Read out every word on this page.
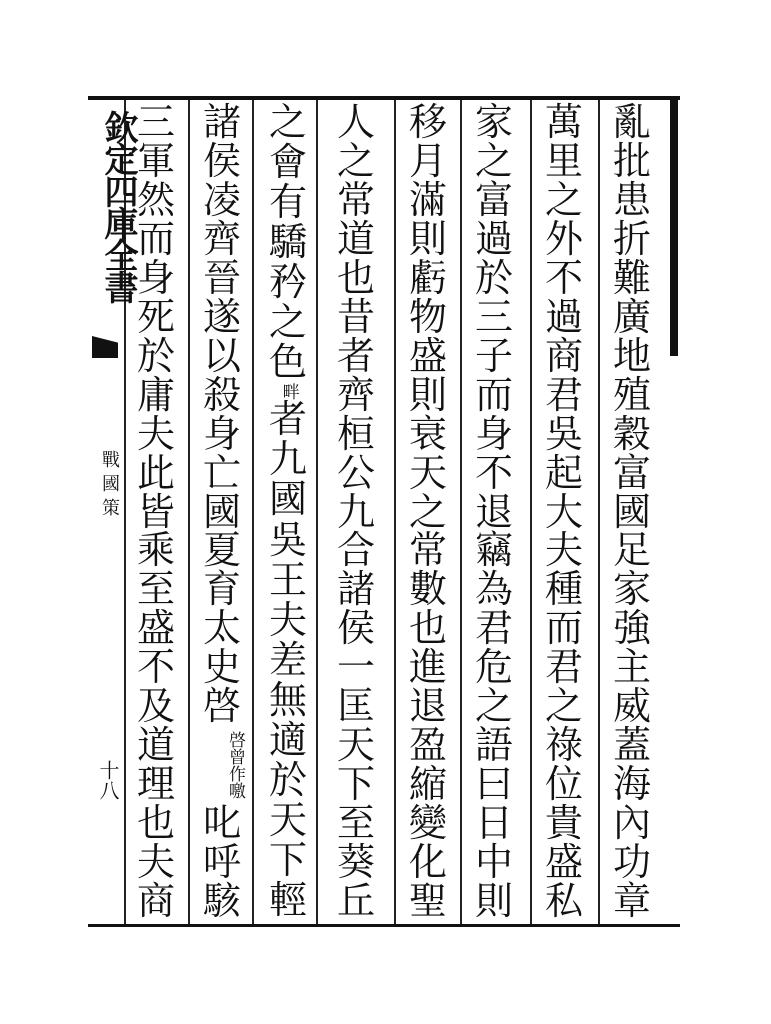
欽定四庫全書
戰國策
十八
亂
批
患
折
難
廣
地
殖
穀
富
國
足
家
強
主
威
蓋
海
內
功
章
萬
里
之
外
不
過
商
君
吳
起
大
夫
種
而
君
之
祿
位
貴
盛
私
家
之
富
過
於
三
子
而
身
不
退
竊
為
君
危
之
語
曰
日
中
則
移
月
滿
則
虧
物
盛
則
衰
天
之
常
數
也
進
退
盈
縮
變
化
聖
人
之
常
道
也
昔
者
齊
桓
公
九
合
諸
侯
一
匡
天
下
至
葵
丘
之
會
有
驕
矜
之
色
畔
者
九
國
吳
王
夫
差
無
適
於
天
下
輕
諸
侯
凌
齊
晉
遂
以
殺
身
亡
國
夏
育
太
史
啓
啓曾作噭
叱
呼
駭
三
軍
然
而
身
死
於
庸
夫
此
皆
乘
至
盛
不
及
道
理
也
夫
商
